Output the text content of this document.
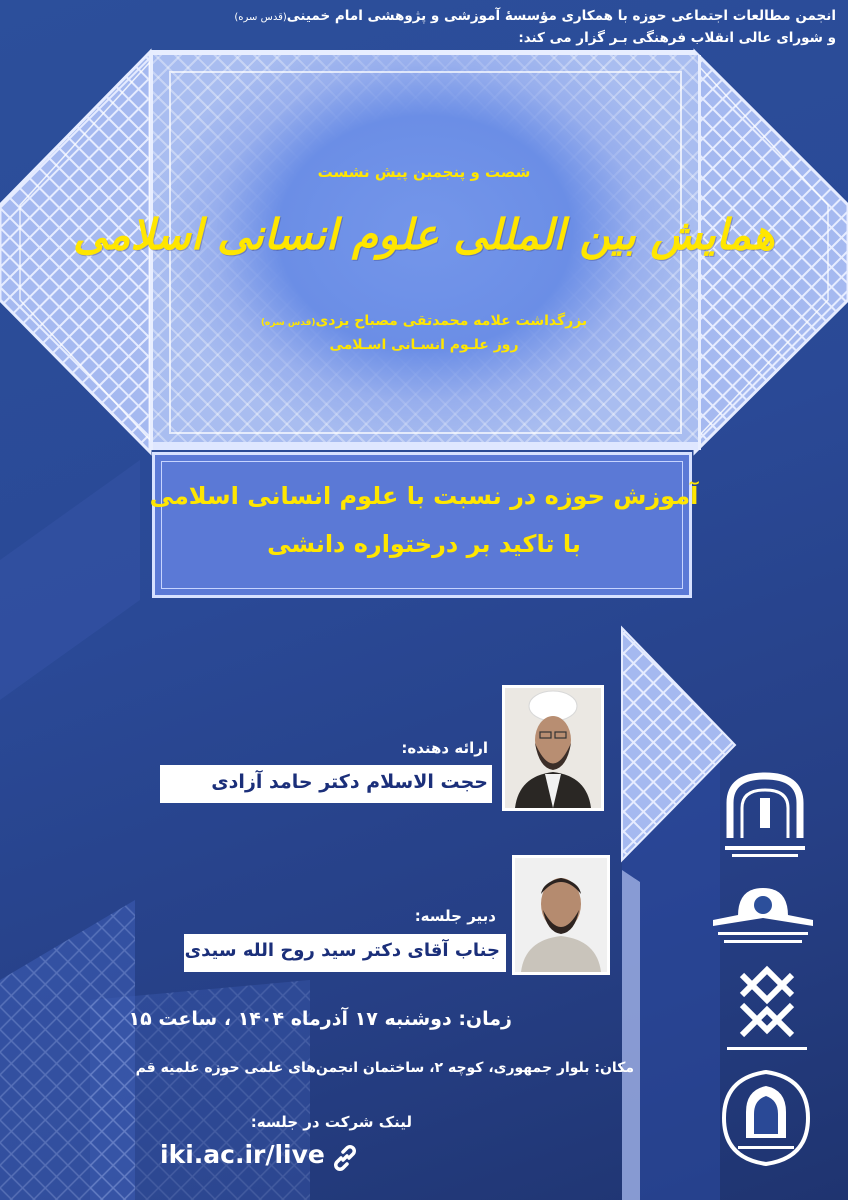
انجمن مطالعات اجتماعی حوزه با همکاری مؤسسهٔ آموزشی و پژوهشی امام خمینی(قدس سره)
و شورای عالی انقلاب فرهنگی بـر گزار می کند:
شصت و پنجمین پیش نشست
همایش بین المللی علوم انسانی اسلامی
بزرگداشت علامه محمدتقی مصباح یزدی(قدس سره)
روز علـوم انسـانی اسـلامی
آموزش حوزه در نسبت با علوم انسانی اسلامی
با تاکید بر درختواره دانشی
ارائه دهنده:
حجت الاسلام دکتر حامد آزادی
دبیر جلسه:
جناب آقای دکتر سید روح الله سیدی
زمان: دوشنبه ۱۷ آذرماه ۱۴۰۴ ، ساعت ۱۵
مکان: بلوار جمهوری، کوچه ۲، ساختمان انجمن‌های علمی حوزه علمیه قم
لینک شرکت در جلسه:
iki.ac.ir/live
